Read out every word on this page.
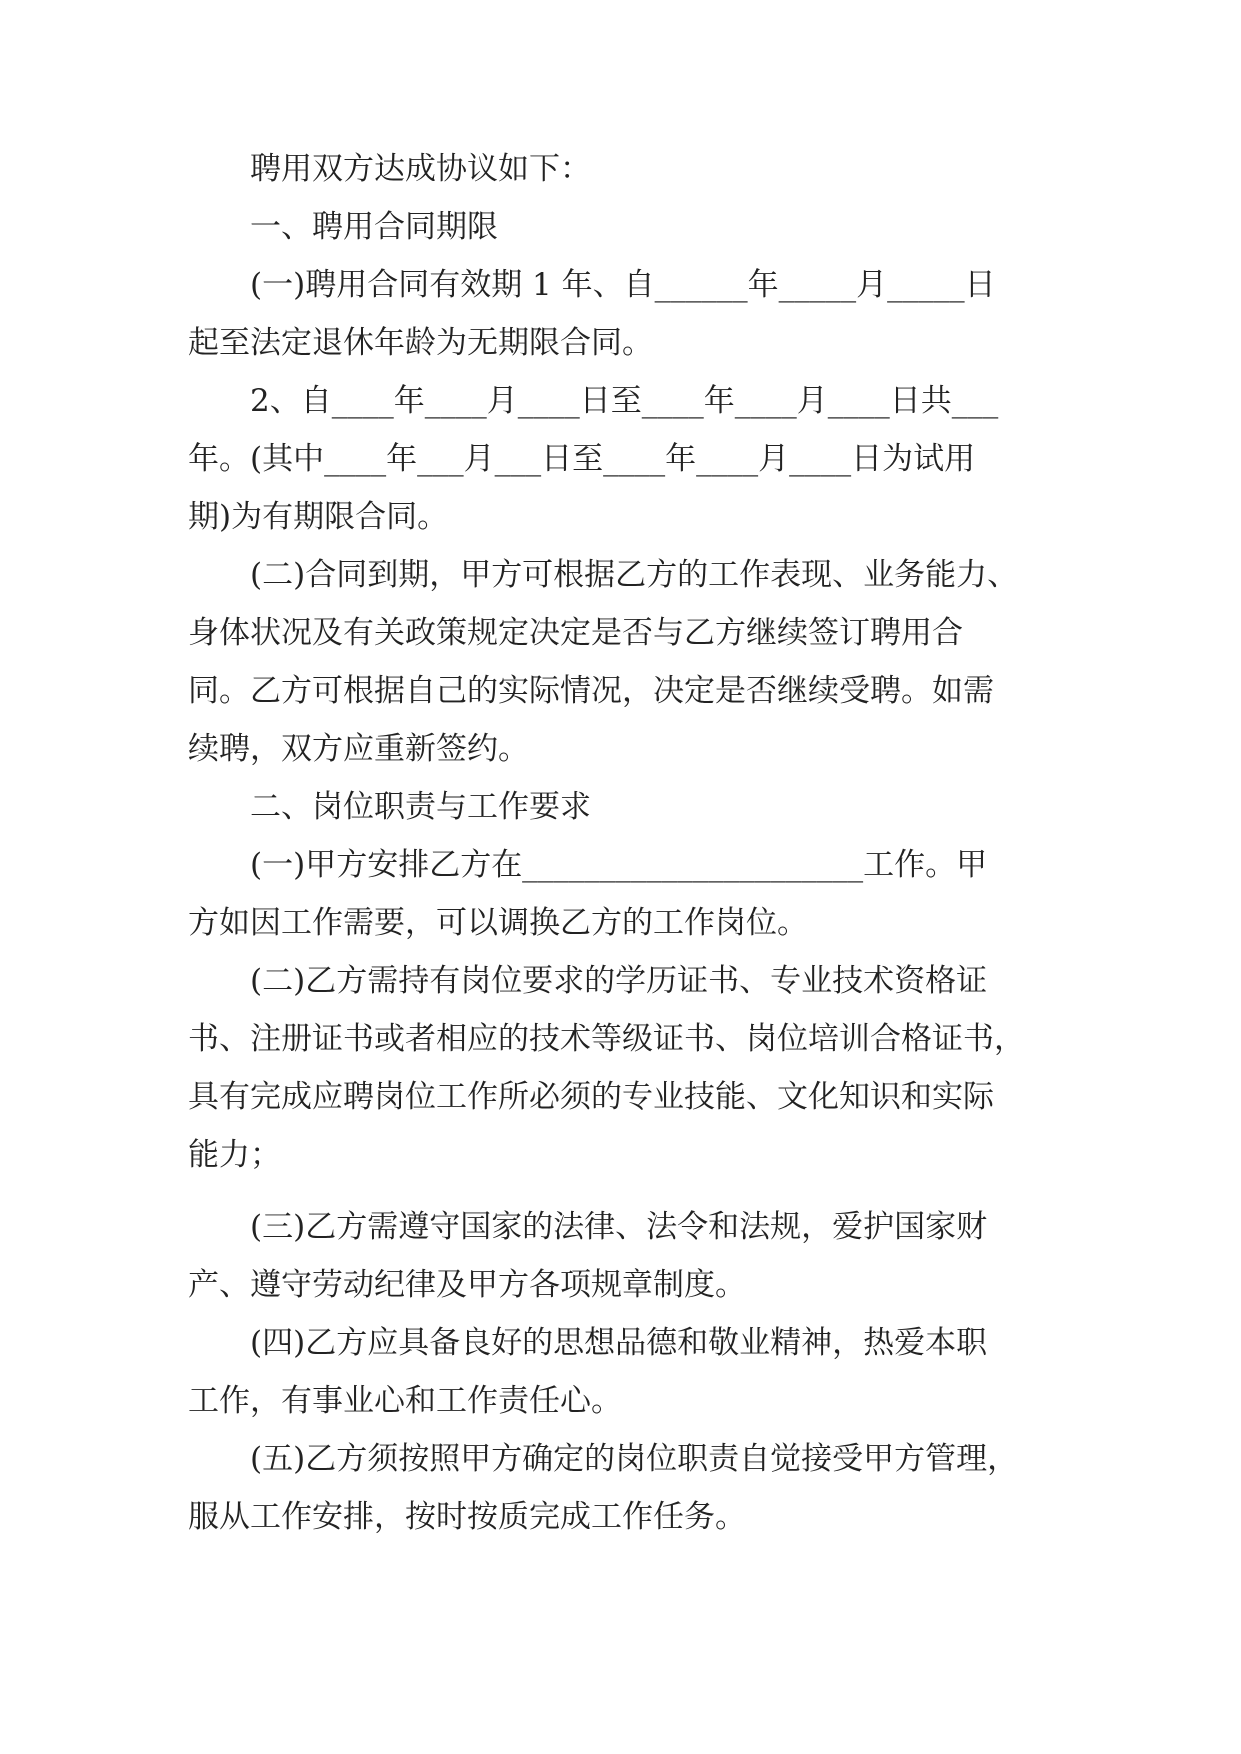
　　聘用双方达成协议如下：
　　一、聘用合同期限
　　(一)聘用合同有效期 1 年、自______年_____月_____日
起至法定退休年龄为无期限合同。
　　2、自____年____月____日至____年____月____日共___
年。(其中____年___月___日至____年____月____日为试用
期)为有期限合同。
　　(二)合同到期，甲方可根据乙方的工作表现、业务能力、
身体状况及有关政策规定决定是否与乙方继续签订聘用合
同。乙方可根据自己的实际情况，决定是否继续受聘。如需
续聘，双方应重新签约。
　　二、岗位职责与工作要求
　　(一)甲方安排乙方在______________________工作。甲
方如因工作需要，可以调换乙方的工作岗位。
　　(二)乙方需持有岗位要求的学历证书、专业技术资格证
书、注册证书或者相应的技术等级证书、岗位培训合格证书，
具有完成应聘岗位工作所必须的专业技能、文化知识和实际
能力；
　　(三)乙方需遵守国家的法律、法令和法规，爱护国家财
产、遵守劳动纪律及甲方各项规章制度。
　　(四)乙方应具备良好的思想品德和敬业精神，热爱本职
工作，有事业心和工作责任心。
　　(五)乙方须按照甲方确定的岗位职责自觉接受甲方管理，
服从工作安排，按时按质完成工作任务。
